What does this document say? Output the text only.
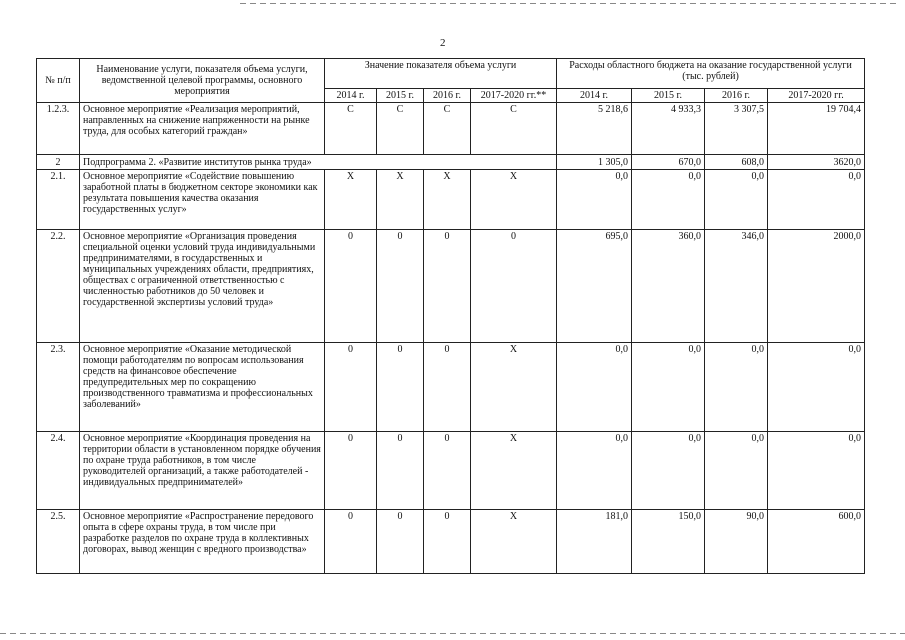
2
№ п/п	Наименование услуги, показателя объема услуги, ведомственной целевой программы, основного мероприятия	Значение показателя объема услуги				Расходы областного бюджета на оказание государственной услуги (тыс. рублей)			
		2014 г.	2015 г.	2016 г.	2017-2020 гг.**	2014 г.	2015 г.	2016 г.	2017-2020 гг.
1.2.3.	Основное мероприятие «Реализация мероприятий, направленных на снижение напряженности на рынке труда, для особых категорий граждан»	С	С	С	С	5 218,6	4 933,3	3 307,5	19 704,4
2	Подпрограмма 2. «Развитие институтов рынка труда»					1 305,0	670,0	608,0	3620,0
2.1.	Основное мероприятие «Содействие повышению заработной платы в бюджетном секторе экономики как результата повышения качества оказания государственных услуг»	Х	Х	Х	Х	0,0	0,0	0,0	0,0
2.2.	Основное мероприятие «Организация проведения специальной оценки условий труда индивидуальными предпринимателями, в государственных и муниципальных учреждениях области, предприятиях, обществах с ограниченной ответственностью с численностью работников до 50 человек и государственной экспертизы условий труда»	0	0	0	0	695,0	360,0	346,0	2000,0
2.3.	Основное мероприятие «Оказание методической помощи работодателям по вопросам использования средств на финансовое обеспечение предупредительных мер по сокращению производственного травматизма и профессиональных заболеваний»	0	0	0	Х	0,0	0,0	0,0	0,0
2.4.	Основное мероприятие «Координация проведения на территории области в установленном порядке обучения по охране труда работников, в том числе руководителей организаций, а также работодателей - индивидуальных предпринимателей»	0	0	0	Х	0,0	0,0	0,0	0,0
2.5.	Основное мероприятие «Распространение передового опыта в сфере охраны труда, в том числе при разработке разделов по охране труда в коллективных договорах, вывод женщин с вредного производства»	0	0	0	Х	181,0	150,0	90,0	600,0
